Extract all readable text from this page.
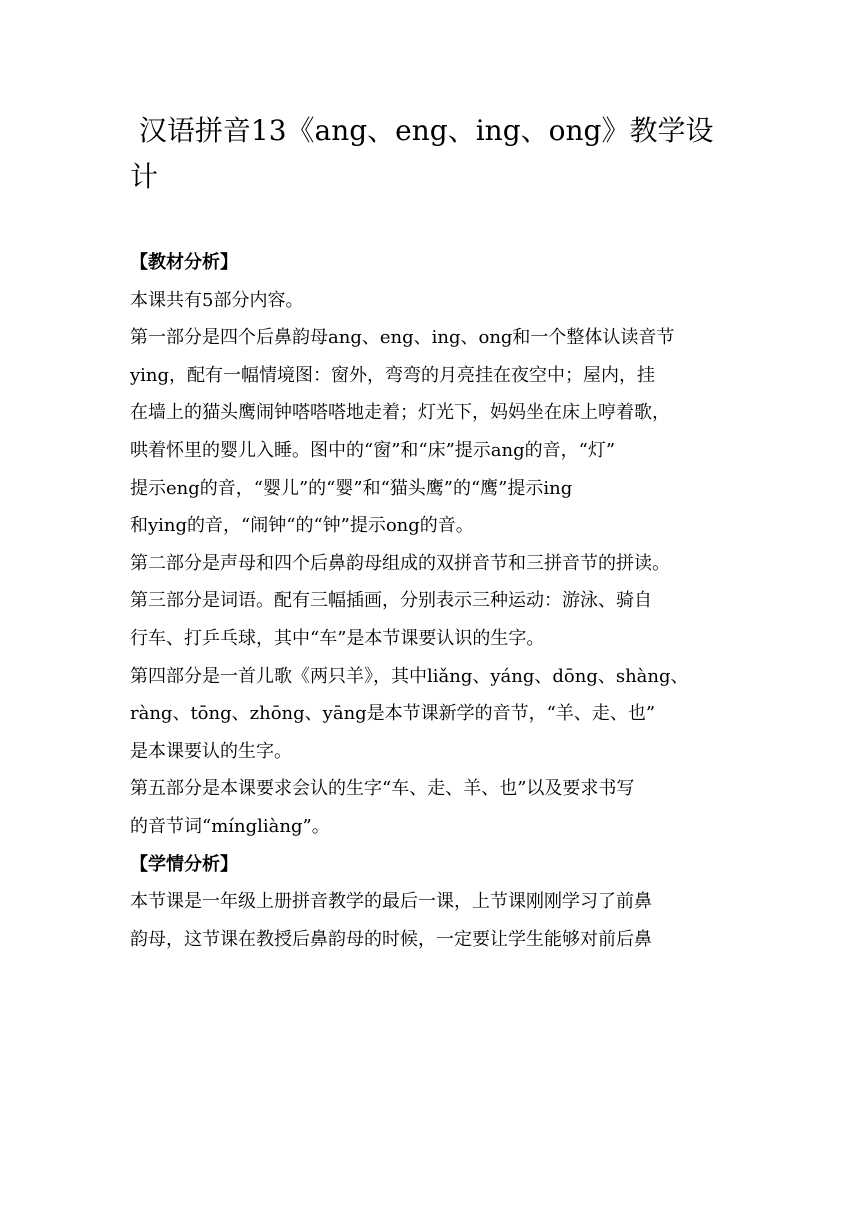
汉语拼音13《ang、eng、ing、ong》教学设
计
【教材分析】
本课共有5部分内容。
第一部分是四个后鼻韵母ang、eng、ing、ong和一个整体认读音节
ying，配有一幅情境图：窗外，弯弯的月亮挂在夜空中；屋内，挂
在墙上的猫头鹰闹钟嗒嗒嗒地走着；灯光下，妈妈坐在床上哼着歌，
哄着怀里的婴儿入睡。图中的“窗”和“床”提示ang的音，“灯”
提示eng的音，“婴儿”的“婴”和“猫头鹰”的“鹰”提示ing
和ying的音，“闹钟“的“钟”提示ong的音。
第二部分是声母和四个后鼻韵母组成的双拼音节和三拼音节的拼读。
第三部分是词语。配有三幅插画，分别表示三种运动：游泳、骑自
行车、打乒乓球，其中“车”是本节课要认识的生字。
第四部分是一首儿歌《两只羊》，其中liǎng、yáng、dōng、shàng、
ràng、tōng、zhōng、yāng是本节课新学的音节，“羊、走、也”
是本课要认的生字。
第五部分是本课要求会认的生字“车、走、羊、也”以及要求书写
的音节词“míngliàng”。
【学情分析】
本节课是一年级上册拼音教学的最后一课，上节课刚刚学习了前鼻
韵母，这节课在教授后鼻韵母的时候，一定要让学生能够对前后鼻
